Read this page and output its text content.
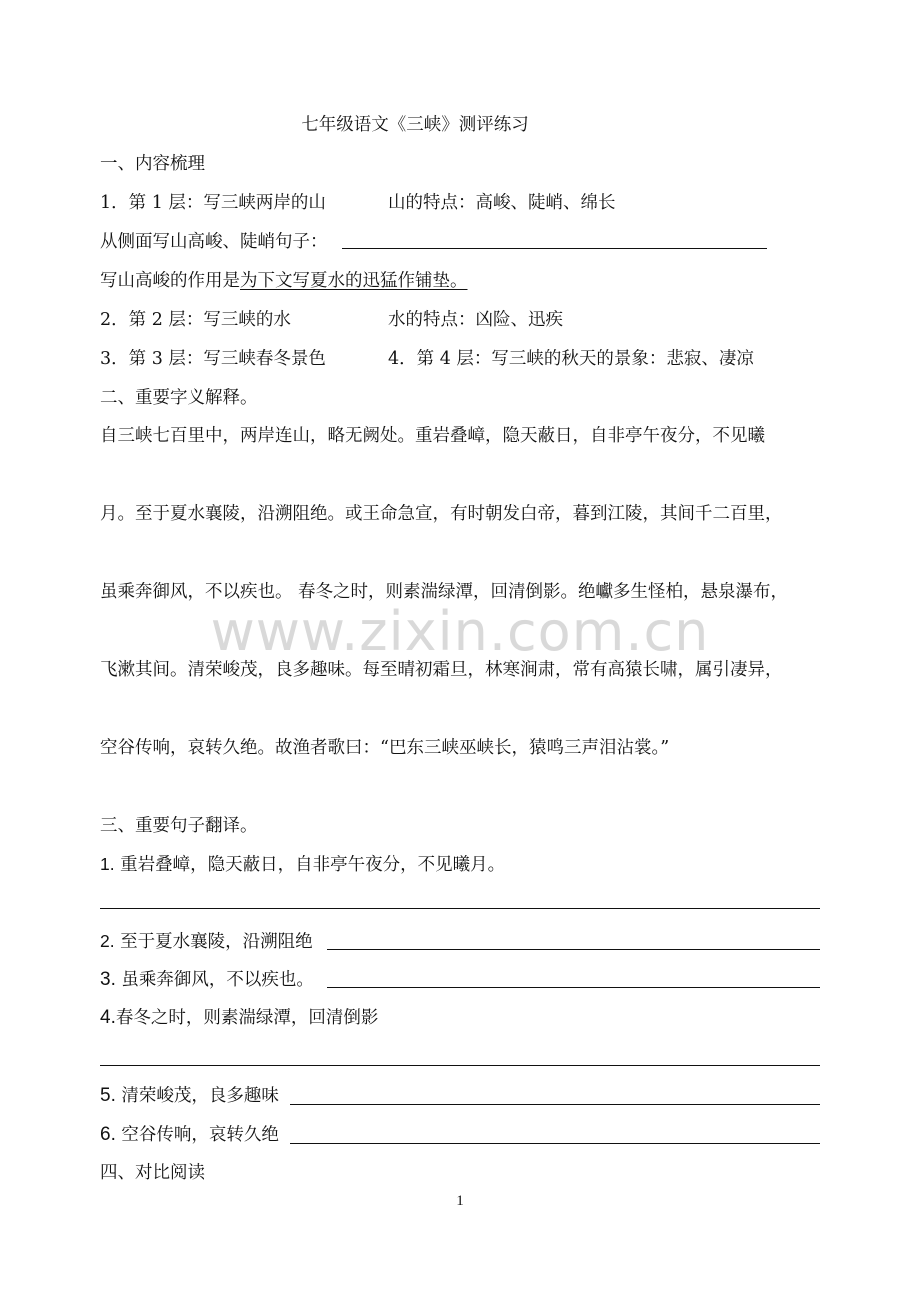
七年级语文《三峡》测评练习
一、内容梳理
1．第 1 层：写三峡两岸的山	山的特点：高峻、陡峭、绵长
从侧面写山高峻、陡峭句子：
写山高峻的作用是为下文写夏水的迅猛作铺垫。
2．第 2 层：写三峡的水	水的特点：凶险、迅疾
3．第 3 层：写三峡春冬景色	4．第 4 层：写三峡的秋天的景象：悲寂、凄凉
二、重要字义解释。
自三峡七百里中，两岸连山，略无阙处。重岩叠嶂，隐天蔽日，自非亭午夜分，不见曦
月。至于夏水襄陵，沿溯阻绝。或王命急宣，有时朝发白帝，暮到江陵，其间千二百里，
虽乘奔御风，不以疾也。 春冬之时，则素湍绿潭，回清倒影。绝巘多生怪柏，悬泉瀑布，
www.zixin.com.cn
飞漱其间。清荣峻茂，良多趣味。每至晴初霜旦，林寒涧肃，常有高猿长啸，属引凄异，
空谷传响，哀转久绝。故渔者歌曰：“巴东三峡巫峡长，猿鸣三声泪沾裳。”
三、重要句子翻译。
1. 重岩叠嶂，隐天蔽日，自非亭午夜分，不见曦月。
2. 至于夏水襄陵，沿溯阻绝
3. 虽乘奔御风，不以疾也。
4.春冬之时，则素湍绿潭，回清倒影
5. 清荣峻茂，良多趣味
6. 空谷传响，哀转久绝
四、对比阅读
1
